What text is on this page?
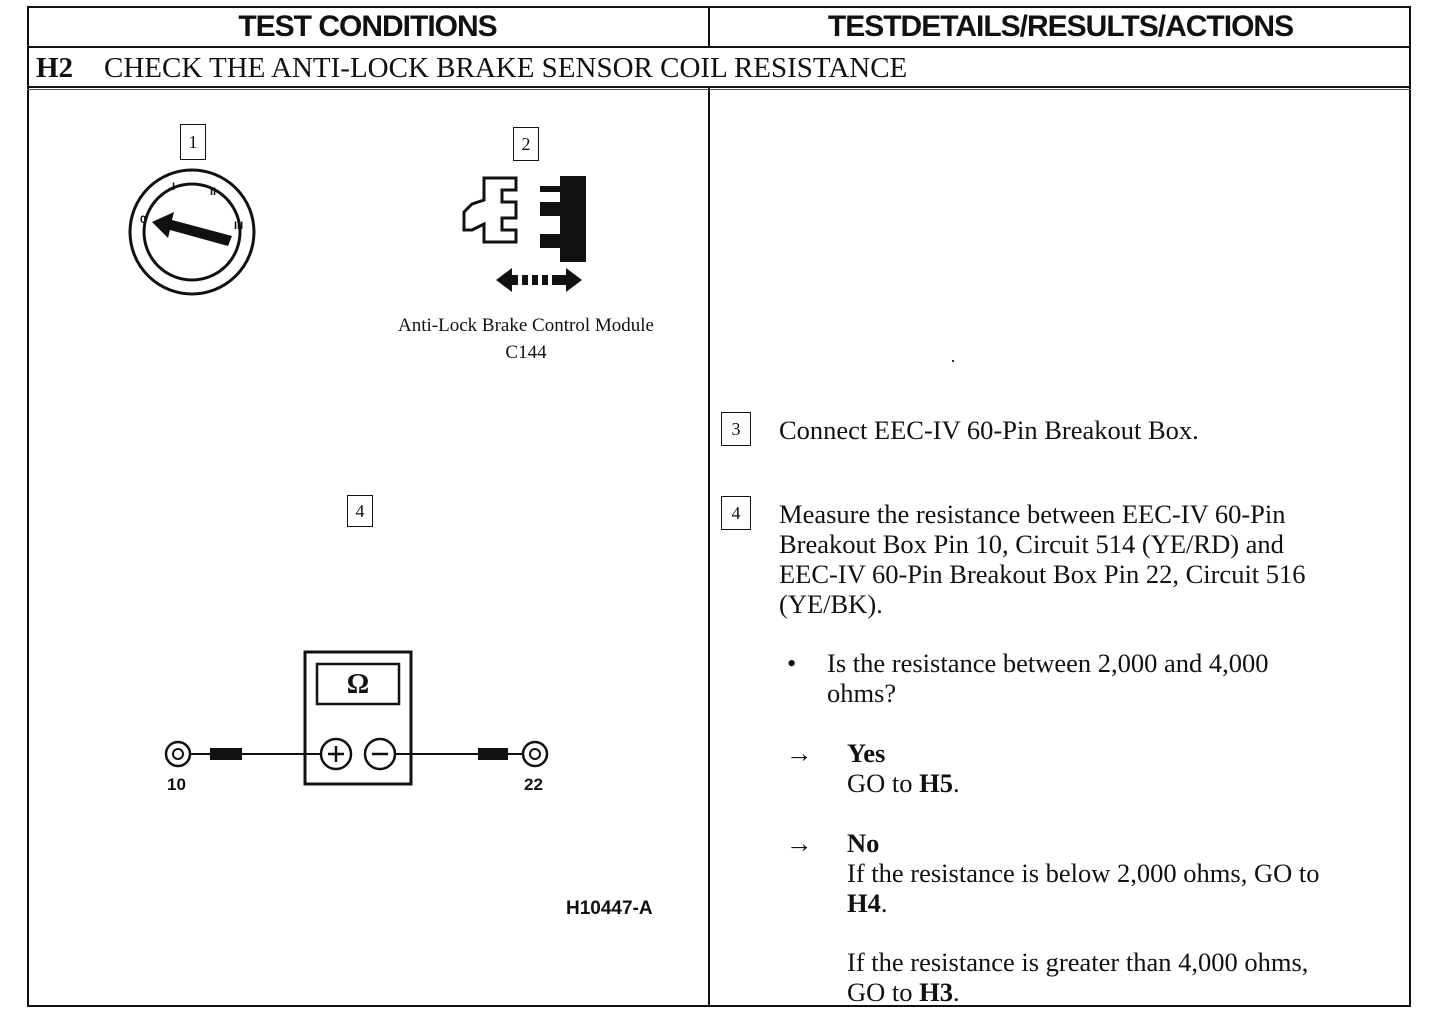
TEST CONDITIONS	TESTDETAILS/RESULTS/ACTIONS
H2 CHECK THE ANTI-LOCK BRAKE SENSOR COIL RESISTANCE
1	2
0
I	II
III
Anti-Lock Brake Control Module
C144
4
Ω
10	22
H10447-A
3	Connect EEC-IV 60-Pin Breakout Box.
4	Measure the resistance between EEC-IV 60-Pin
Breakout Box Pin 10, Circuit 514 (YE/RD) and
EEC-IV 60-Pin Breakout Box Pin 22, Circuit 516
(YE/BK).
• Is the resistance between 2,000 and 4,000
ohms?
→ Yes
GO to H5.
→ No
If the resistance is below 2,000 ohms, GO to
H4.
If the resistance is greater than 4,000 ohms,
GO to H3.
